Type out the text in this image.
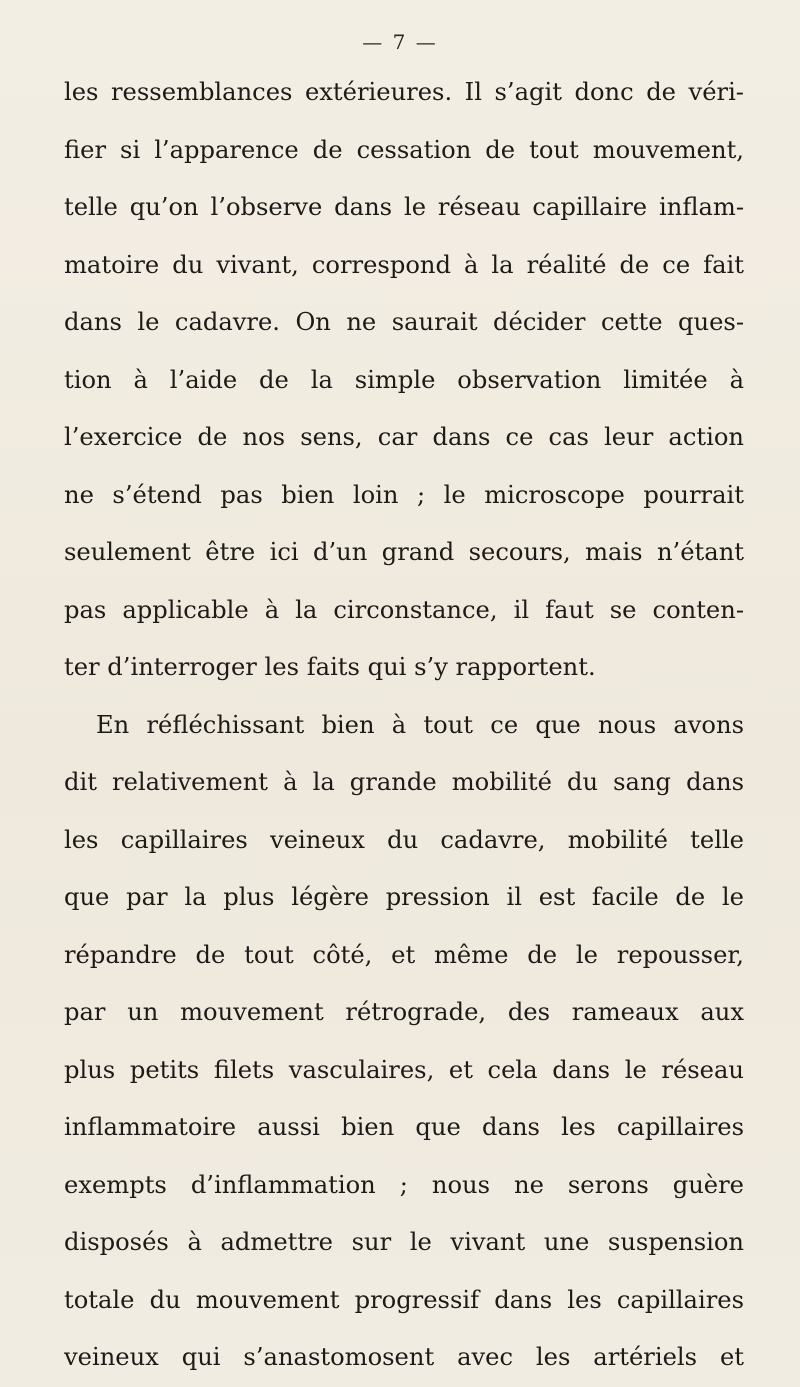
— 7 —
les ressemblances extérieures. Il s’agit donc de véri-
fier si l’apparence de cessation de tout mouvement,
telle qu’on l’observe dans le réseau capillaire inflam-
matoire du vivant, correspond à la réalité de ce fait
dans le cadavre. On ne saurait décider cette ques-
tion à l’aide de la simple observation limitée à
l’exercice de nos sens, car dans ce cas leur action
ne s’étend pas bien loin ; le microscope pourrait
seulement être ici d’un grand secours, mais n’étant
pas applicable à la circonstance, il faut se conten-
ter d’interroger les faits qui s’y rapportent.
En réfléchissant bien à tout ce que nous avons
dit relativement à la grande mobilité du sang dans
les capillaires veineux du cadavre, mobilité telle
que par la plus légère pression il est facile de le
répandre de tout côté, et même de le repousser,
par un mouvement rétrograde, des rameaux aux
plus petits filets vasculaires, et cela dans le réseau
inflammatoire aussi bien que dans les capillaires
exempts d’inflammation ; nous ne serons guère
disposés à admettre sur le vivant une suspension
totale du mouvement progressif dans les capillaires
veineux qui s’anastomosent avec les artériels et
